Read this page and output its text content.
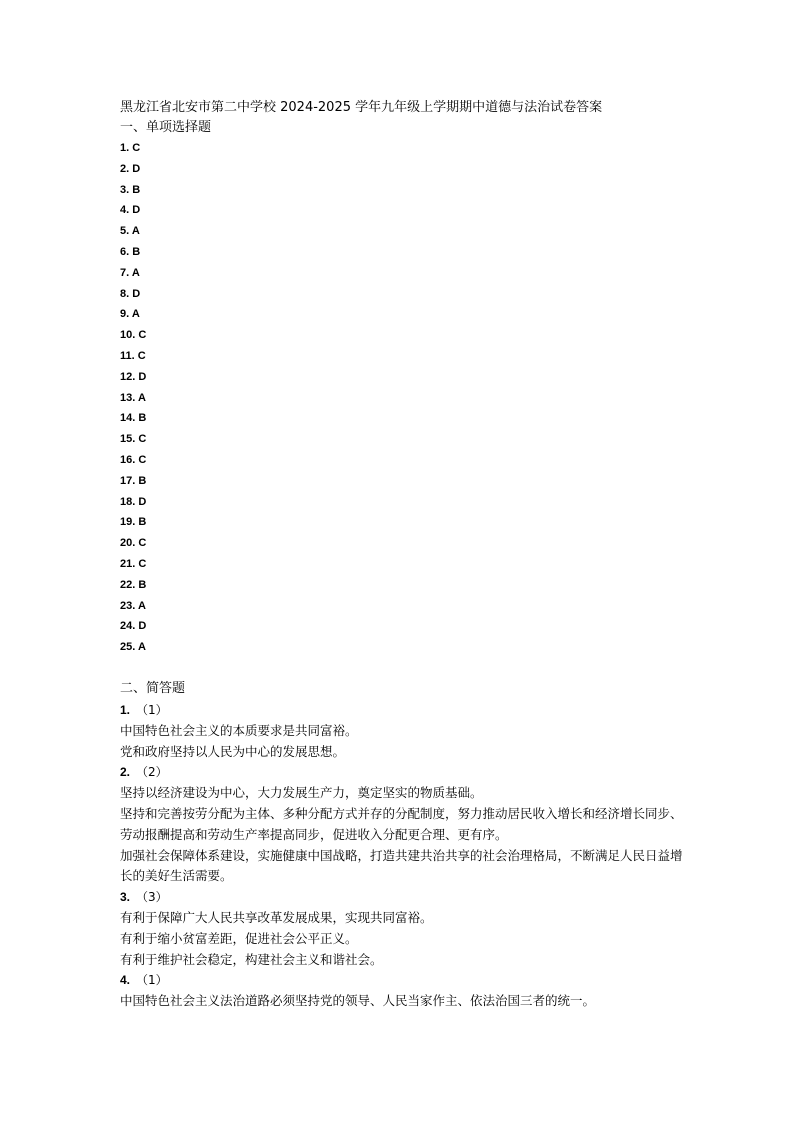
黑龙江省北安市第二中学校 2024-2025 学年九年级上学期期中道德与法治试卷答案
一、单项选择题
1. C
2. D
3. B
4. D
5. A
6. B
7. A
8. D
9. A
10. C
11. C
12. D
13. A
14. B
15. C
16. C
17. B
18. D
19. B
20. C
21. C
22. B
23. A
24. D
25. A
二、简答题
1. （1）
中国特色社会主义的本质要求是共同富裕。
党和政府坚持以人民为中心的发展思想。
2. （2）
坚持以经济建设为中心，大力发展生产力，奠定坚实的物质基础。
坚持和完善按劳分配为主体、多种分配方式并存的分配制度，努力推动居民收入增长和经济增长同步、劳动报酬提高和劳动生产率提高同步，促进收入分配更合理、更有序。
加强社会保障体系建设，实施健康中国战略，打造共建共治共享的社会治理格局，不断满足人民日益增长的美好生活需要。
3. （3）
有利于保障广大人民共享改革发展成果，实现共同富裕。
有利于缩小贫富差距，促进社会公平正义。
有利于维护社会稳定，构建社会主义和谐社会。
4. （1）
中国特色社会主义法治道路必须坚持党的领导、人民当家作主、依法治国三者的统一。
